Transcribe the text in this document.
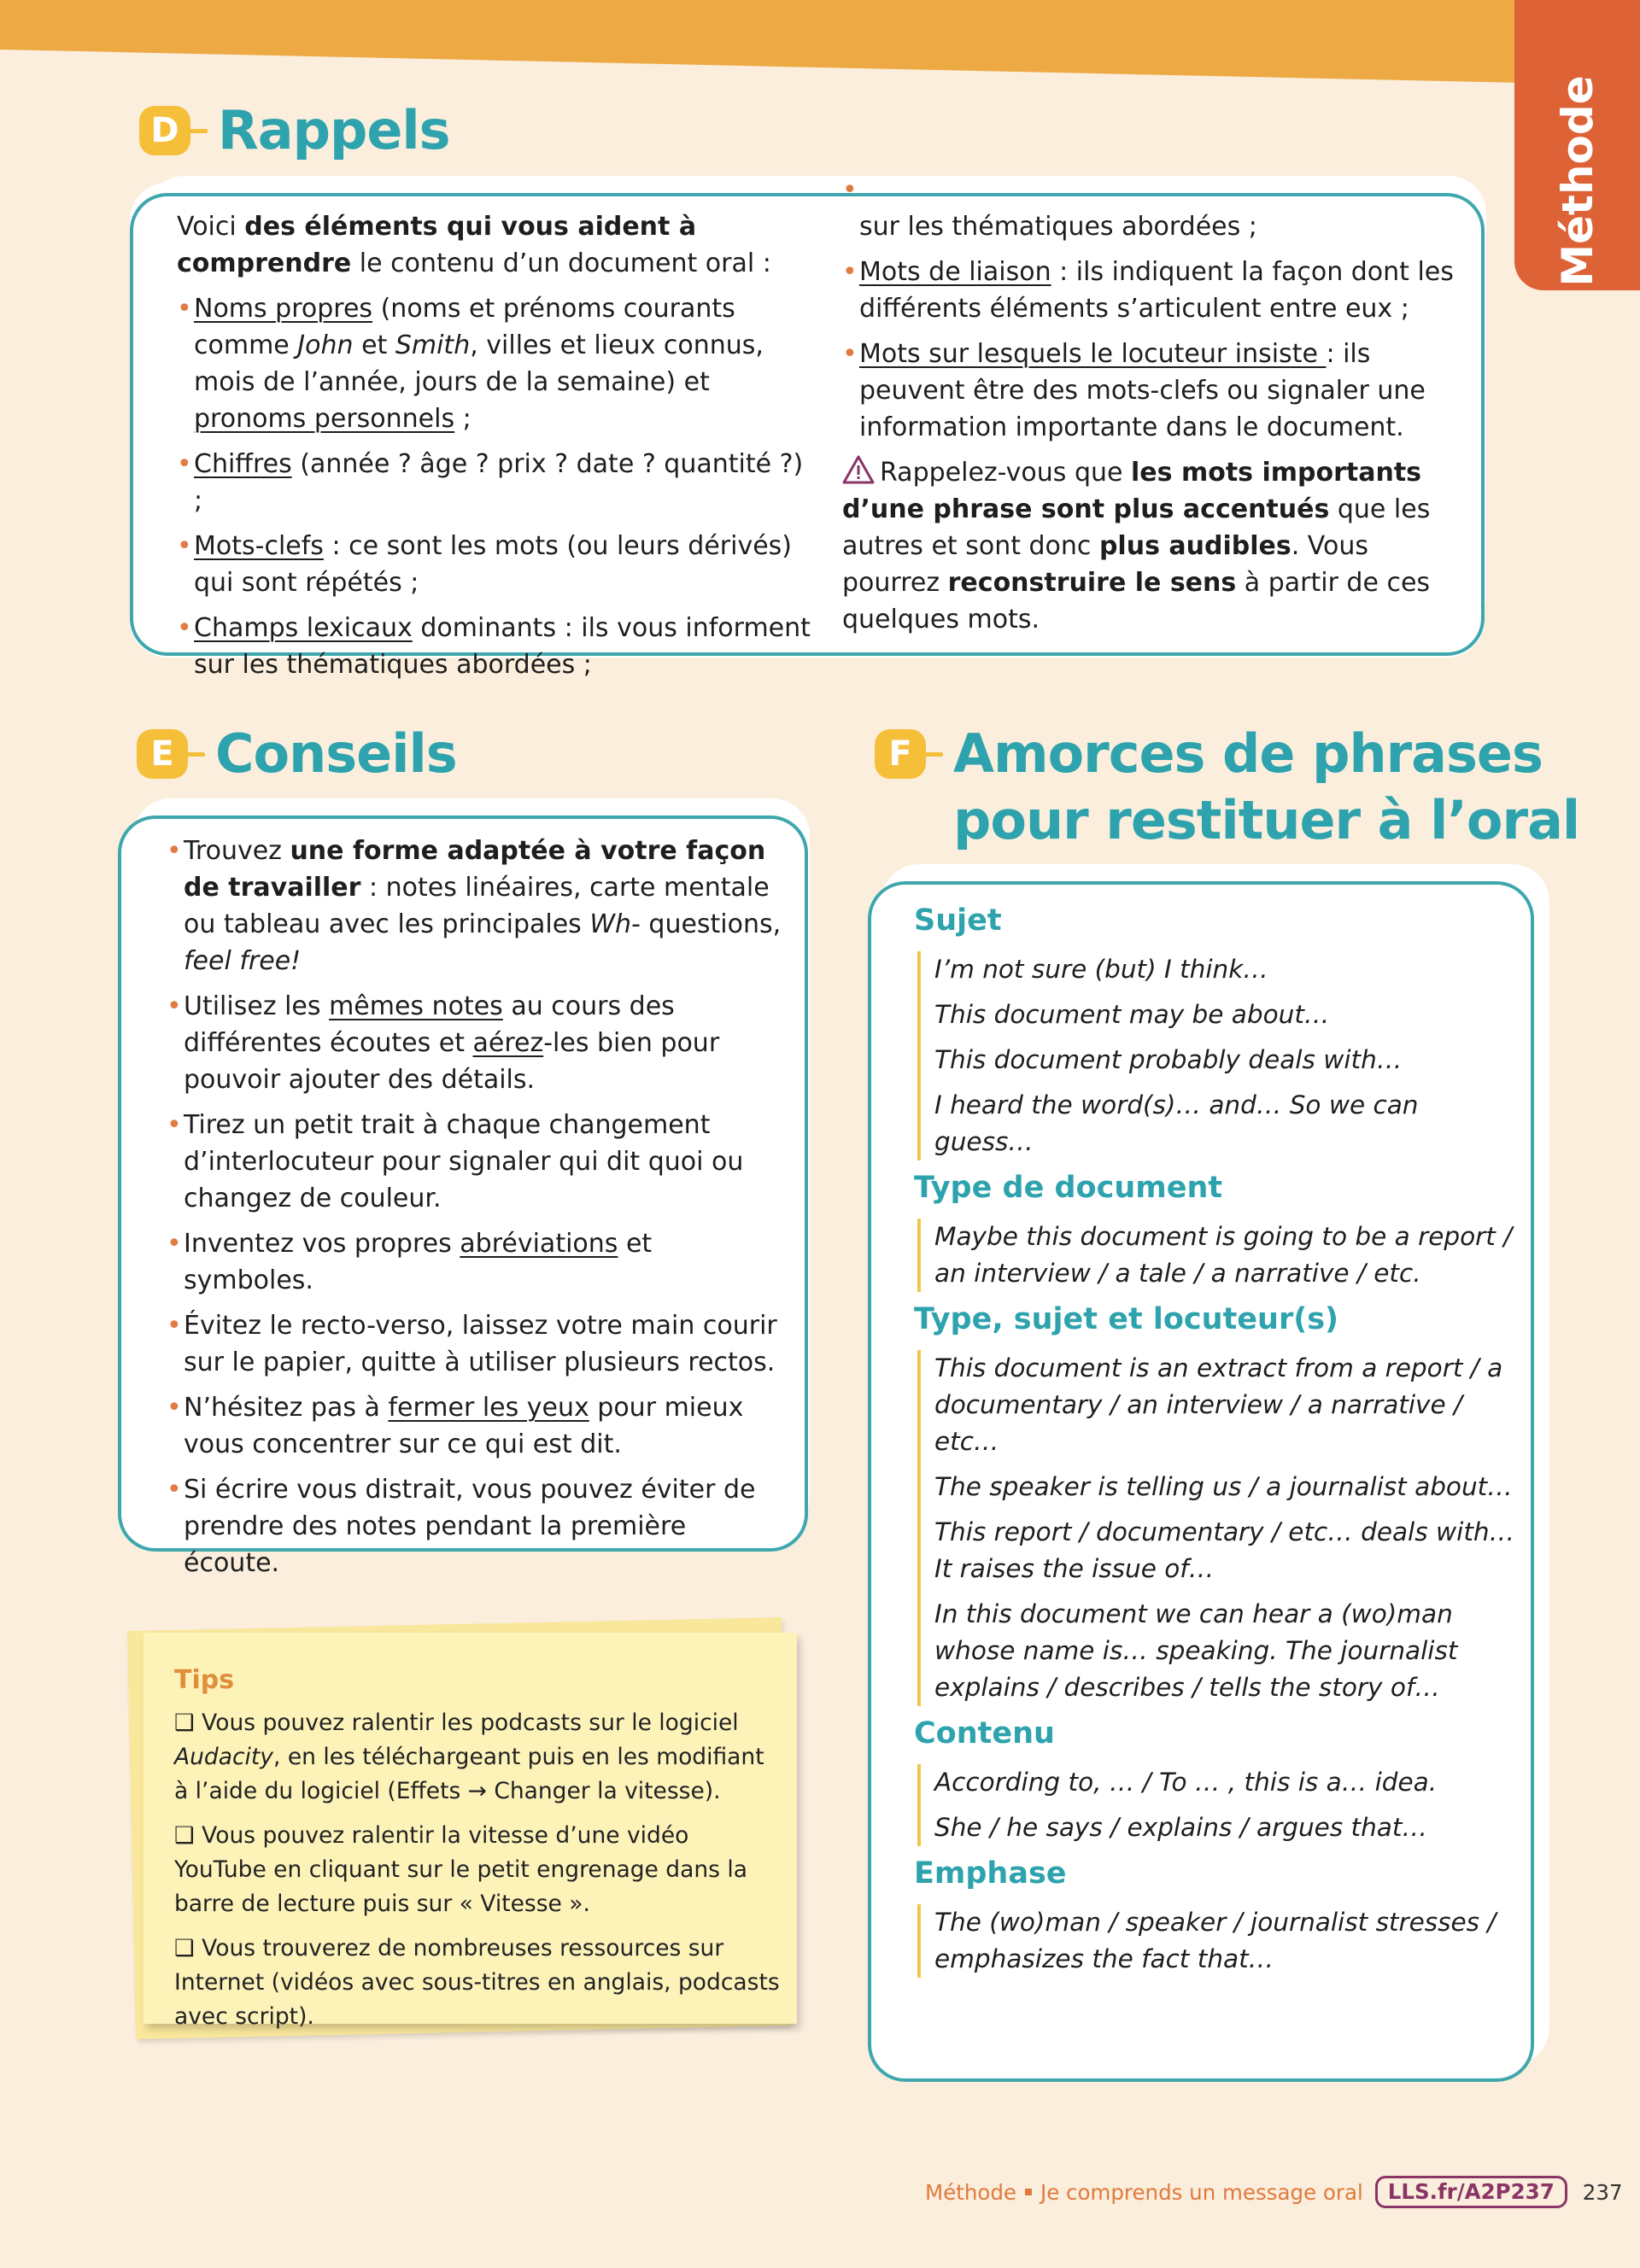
Méthode
D Rappels

Voici des éléments qui vous aident à comprendre le contenu d’un document oral :

• Noms propres (noms et prénoms courants comme John et Smith, villes et lieux connus, mois de l’année, jours de la semaine) et pronoms personnels ;
• Chiffres (année ? âge ? prix ? date ? quantité ?) ;
• Mots-clefs : ce sont les mots (ou leurs dérivés) qui sont répétés ;
• Champs lexicaux dominants : ils vous informent sur les thématiques abordées ;
• sur les thématiques abordées ;
• Mots de liaison : ils indiquent la façon dont les différents éléments s’articulent entre eux ;
• Mots sur lesquels le locuteur insiste : ils peuvent être des mots-clefs ou signaler une information importante dans le document.

Rappelez-vous que les mots importants d’une phrase sont plus accentués que les autres et sont donc plus audibles. Vous pourrez reconstruire le sens à partir de ces quelques mots.

E Conseils
• Trouvez une forme adaptée à votre façon de travailler : notes linéaires, carte mentale ou tableau avec les principales Wh- questions, feel free!
• Utilisez les mêmes notes au cours des différentes écoutes et aérez-les bien pour pouvoir ajouter des détails.
• Tirez un petit trait à chaque changement d’interlocuteur pour signaler qui dit quoi ou changez de couleur.
• Inventez vos propres abréviations et symboles.
• Évitez le recto-verso, laissez votre main courir sur le papier, quitte à utiliser plusieurs rectos.
• N’hésitez pas à fermer les yeux pour mieux vous concentrer sur ce qui est dit.
• Si écrire vous distrait, vous pouvez éviter de prendre des notes pendant la première écoute.
Tips

❑ Vous pouvez ralentir les podcasts sur le logiciel Audacity, en les téléchargeant puis en les modifiant à l’aide du logiciel (Effets → Changer la vitesse).

❑ Vous pouvez ralentir la vitesse d’une vidéo YouTube en cliquant sur le petit engrenage dans la barre de lecture puis sur « Vitesse ».

❑ Vous trouverez de nombreuses ressources sur Internet (vidéos avec sous-titres en anglais, podcasts avec script).

F Amorces de phrases
pour restituer à l’oral
Sujet

I’m not sure (but) I think…

This document may be about…

This document probably deals with…

I heard the word(s)… and… So we can guess…

Type de document

Maybe this document is going to be a report / an interview / a tale / a narrative / etc.

Type, sujet et locuteur(s)

This document is an extract from a report / a documentary / an interview / a narrative / etc…

The speaker is telling us / a journalist about…

This report / documentary / etc… deals with… It raises the issue of…

In this document we can hear a (wo)man whose name is… speaking. The journalist explains / describes / tells the story of…

Contenu

According to, … / To … , this is a… idea.

She / he says / explains / argues that…

Emphase

The (wo)man / speaker / journalist stresses / emphasizes the fact that…

Méthode Je comprends un message oral	LLS.fr/A2P237	237
